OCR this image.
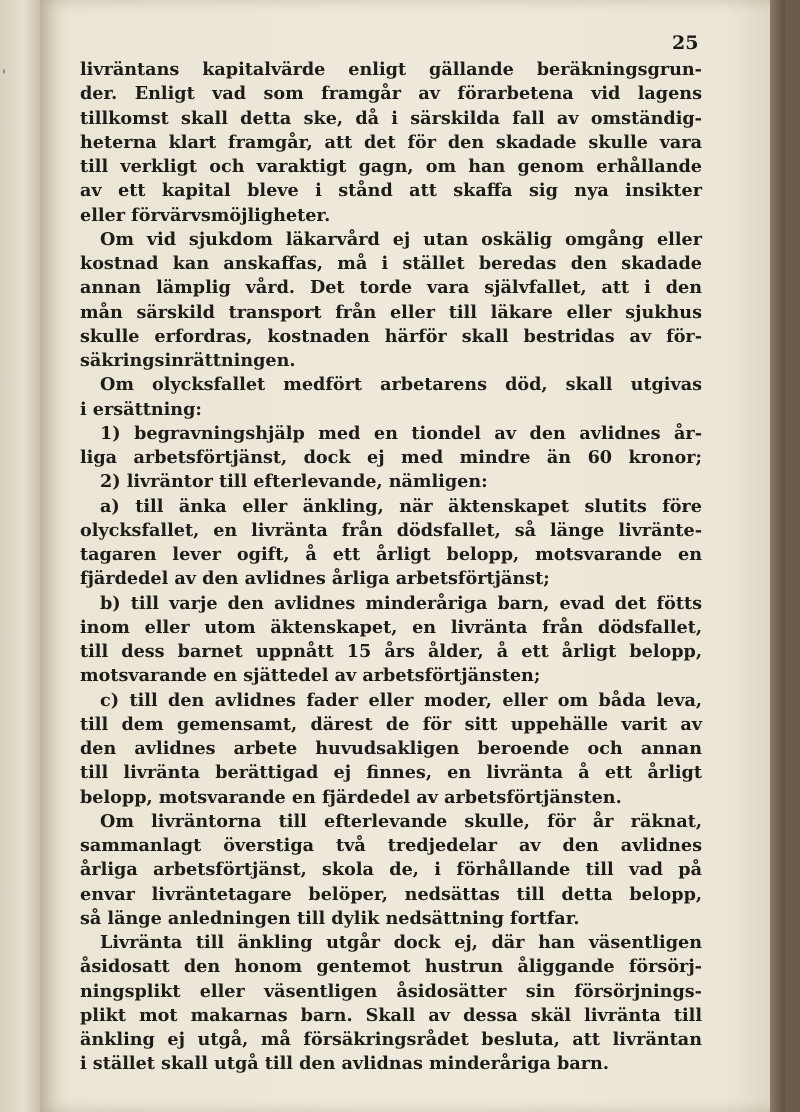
'
25
livräntans kapitalvärde enligt gällande beräkningsgrun-
der. Enligt vad som framgår av förarbetena vid lagens
tillkomst skall detta ske, då i särskilda fall av omständig-
heterna klart framgår, att det för den skadade skulle vara
till verkligt och varaktigt gagn, om han genom erhållande
av ett kapital bleve i stånd att skaffa sig nya insikter
eller förvärvsmöjligheter.
Om vid sjukdom läkarvård ej utan oskälig omgång eller
kostnad kan anskaffas, må i stället beredas den skadade
annan lämplig vård. Det torde vara självfallet, att i den
mån särskild transport från eller till läkare eller sjukhus
skulle erfordras, kostnaden härför skall bestridas av för-
säkringsinrättningen.
Om olycksfallet medfört arbetarens död, skall utgivas
i ersättning:
1) begravningshjälp med en tiondel av den avlidnes år-
liga arbetsförtjänst, dock ej med mindre än 60 kronor;
2) livräntor till efterlevande, nämligen:
a) till änka eller änkling, när äktenskapet slutits före
olycksfallet, en livränta från dödsfallet, så länge livränte-
tagaren lever ogift, å ett årligt belopp, motsvarande en
fjärdedel av den avlidnes årliga arbetsförtjänst;
b) till varje den avlidnes minderåriga barn, evad det fötts
inom eller utom äktenskapet, en livränta från dödsfallet,
till dess barnet uppnått 15 års ålder, å ett årligt belopp,
motsvarande en sjättedel av arbetsförtjänsten;
c) till den avlidnes fader eller moder, eller om båda leva,
till dem gemensamt, därest de för sitt uppehälle varit av
den avlidnes arbete huvudsakligen beroende och annan
till livränta berättigad ej finnes, en livränta å ett årligt
belopp, motsvarande en fjärdedel av arbetsförtjänsten.
Om livräntorna till efterlevande skulle, för år räknat,
sammanlagt överstiga två tredjedelar av den avlidnes
årliga arbetsförtjänst, skola de, i förhållande till vad på
envar livräntetagare belöper, nedsättas till detta belopp,
så länge anledningen till dylik nedsättning fortfar.
Livränta till änkling utgår dock ej, där han väsentligen
åsidosatt den honom gentemot hustrun åliggande försörj-
ningsplikt eller väsentligen åsidosätter sin försörjnings-
plikt mot makarnas barn. Skall av dessa skäl livränta till
änkling ej utgå, må försäkringsrådet besluta, att livräntan
i stället skall utgå till den avlidnas minderåriga barn.
